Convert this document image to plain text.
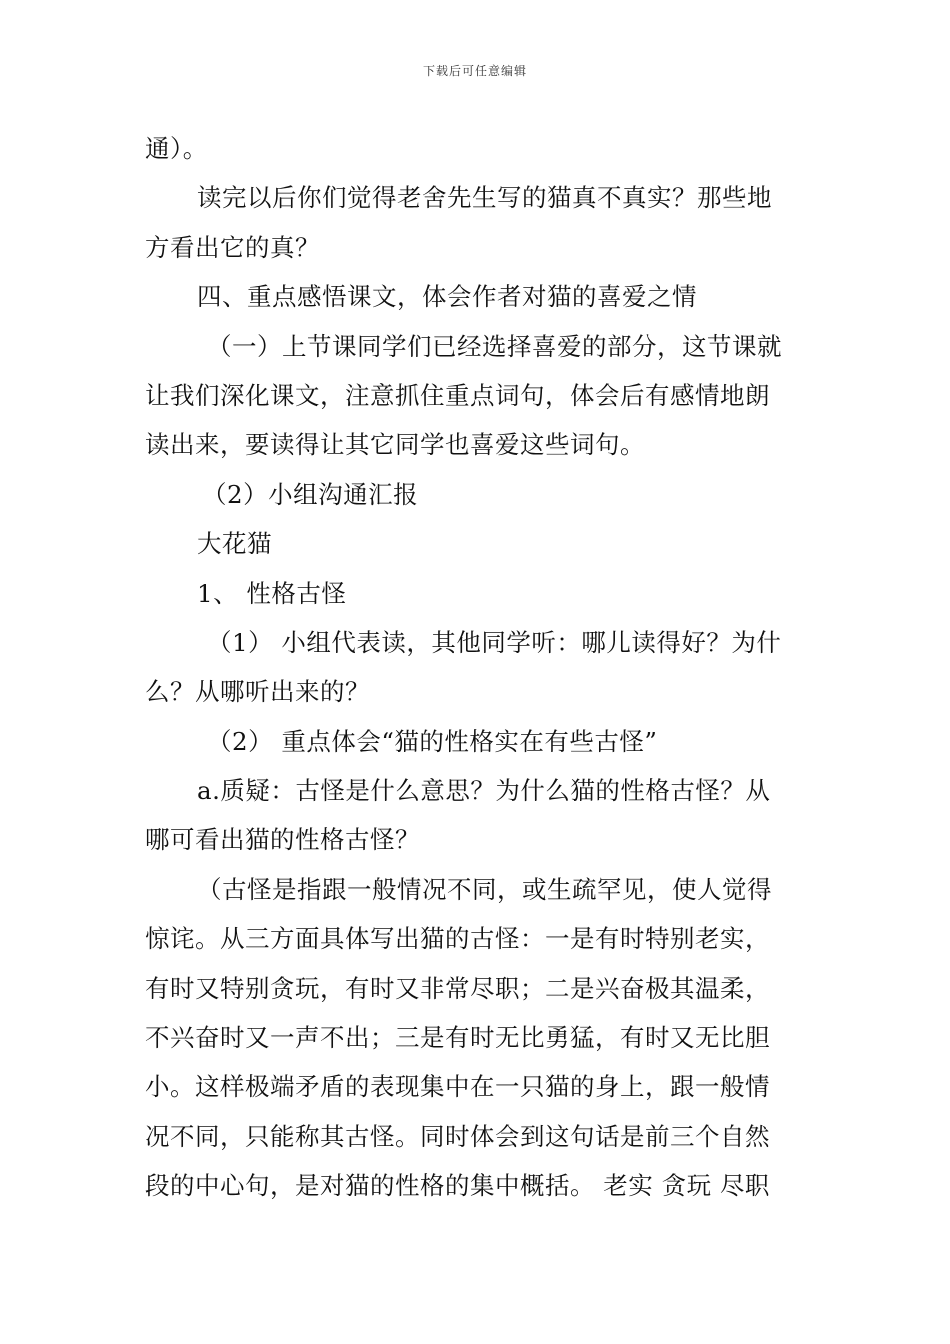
下载后可任意编辑
通）。
读完以后你们觉得老舍先生写的猫真不真实？那些地
方看出它的真？
四、重点感悟课文，体会作者对猫的喜爱之情
（一）上节课同学们已经选择喜爱的部分，这节课就
让我们深化课文，注意抓住重点词句，体会后有感情地朗
读出来，要读得让其它同学也喜爱这些词句。
（2）小组沟通汇报
大花猫
1、 性格古怪
（1） 小组代表读，其他同学听：哪儿读得好？为什
么？从哪听出来的？
（2） 重点体会“猫的性格实在有些古怪”
a.质疑：古怪是什么意思？为什么猫的性格古怪？从
哪可看出猫的性格古怪？
（古怪是指跟一般情况不同，或生疏罕见，使人觉得
惊诧。从三方面具体写出猫的古怪：一是有时特别老实，
有时又特别贪玩，有时又非常尽职；二是兴奋极其温柔，
不兴奋时又一声不出；三是有时无比勇猛，有时又无比胆
小。这样极端矛盾的表现集中在一只猫的身上，跟一般情
况不同，只能称其古怪。同时体会到这句话是前三个自然
段的中心句，是对猫的性格的集中概括。 老实 贪玩 尽职
